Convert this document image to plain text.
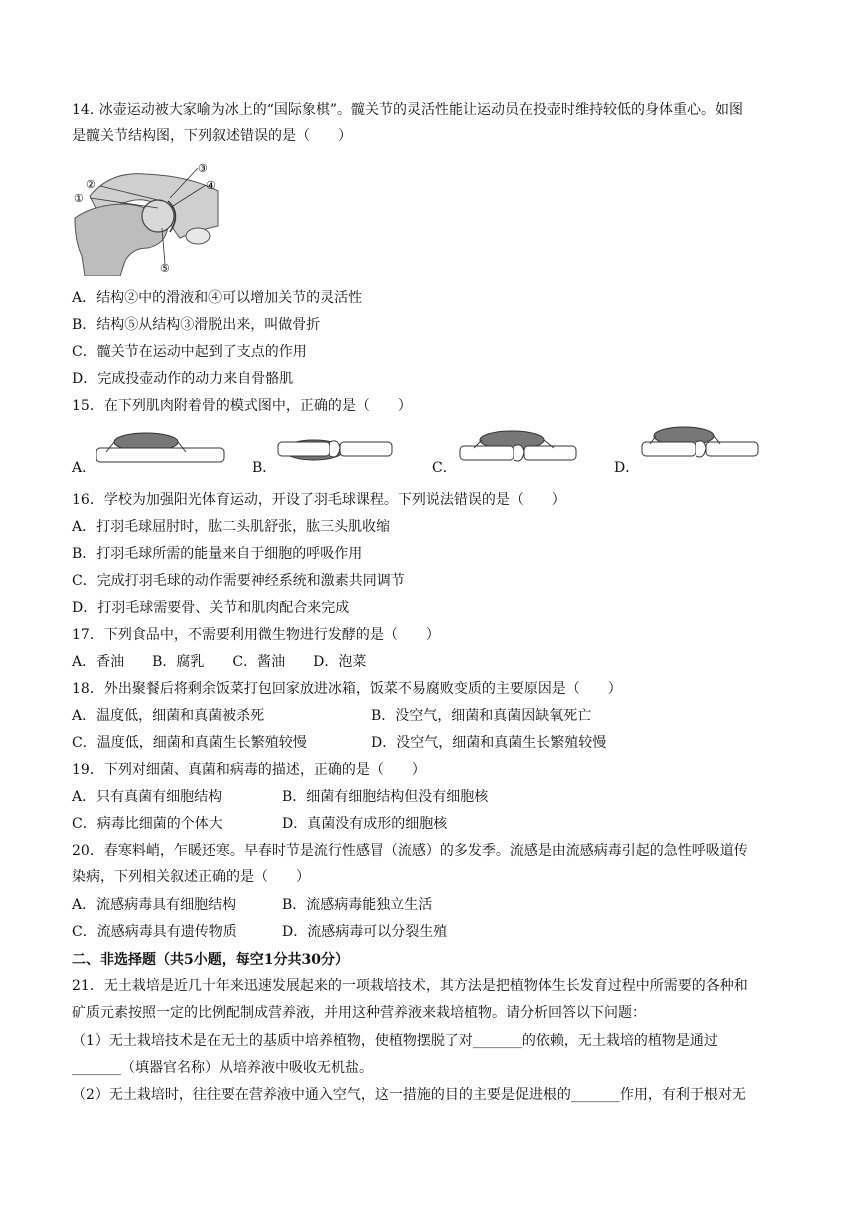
14. 冰壶运动被大家喻为冰上的“国际象棋”。髋关节的灵活性能让运动员在投壶时维持较低的身体重心。如图
是髋关节结构图，下列叙述错误的是（　　）
①
②
③
④
⑤
A．结构②中的滑液和④可以增加关节的灵活性
B．结构⑤从结构③滑脱出来，叫做骨折
C．髋关节在运动中起到了支点的作用
D．完成投壶动作的动力来自骨骼肌
15．在下列肌肉附着骨的模式图中，正确的是（　　）
A．	B．	C．	D．
16．学校为加强阳光体育运动，开设了羽毛球课程。下列说法错误的是（　　）
A．打羽毛球屈肘时，肱二头肌舒张，肱三头肌收缩
B．打羽毛球所需的能量来自于细胞的呼吸作用
C．完成打羽毛球的动作需要神经系统和激素共同调节
D．打羽毛球需要骨、关节和肌肉配合来完成
17．下列食品中，不需要利用微生物进行发酵的是（　　）
A．香油　　B．腐乳　　C．酱油　　D．泡菜
18．外出聚餐后将剩余饭菜打包回家放进冰箱，饭菜不易腐败变质的主要原因是（　　）
A．温度低，细菌和真菌被杀死	B．没空气，细菌和真菌因缺氧死亡
C．温度低，细菌和真菌生长繁殖较慢	D．没空气，细菌和真菌生长繁殖较慢
19．下列对细菌、真菌和病毒的描述，正确的是（　　）
A．只有真菌有细胞结构	B．细菌有细胞结构但没有细胞核
C．病毒比细菌的个体大	D．真菌没有成形的细胞核
20．春寒料峭，乍暖还寒。早春时节是流行性感冒（流感）的多发季。流感是由流感病毒引起的急性呼吸道传
染病，下列相关叙述正确的是（　　）
A．流感病毒具有细胞结构	B．流感病毒能独立生活
C．流感病毒具有遗传物质	D．流感病毒可以分裂生殖
二、非选择题（共5小题，每空1分共30分）
21．无土栽培是近几十年来迅速发展起来的一项栽培技术，其方法是把植物体生长发育过程中所需要的各种和
矿质元素按照一定的比例配制成营养液，并用这种营养液来栽培植物。请分析回答以下问题：
（1）无土栽培技术是在无土的基质中培养植物，使植物摆脱了对_______的依赖，无土栽培的植物是通过
_______（填器官名称）从培养液中吸收无机盐。
（2）无土栽培时，往往要在营养液中通入空气，这一措施的目的主要是促进根的_______作用，有利于根对无
